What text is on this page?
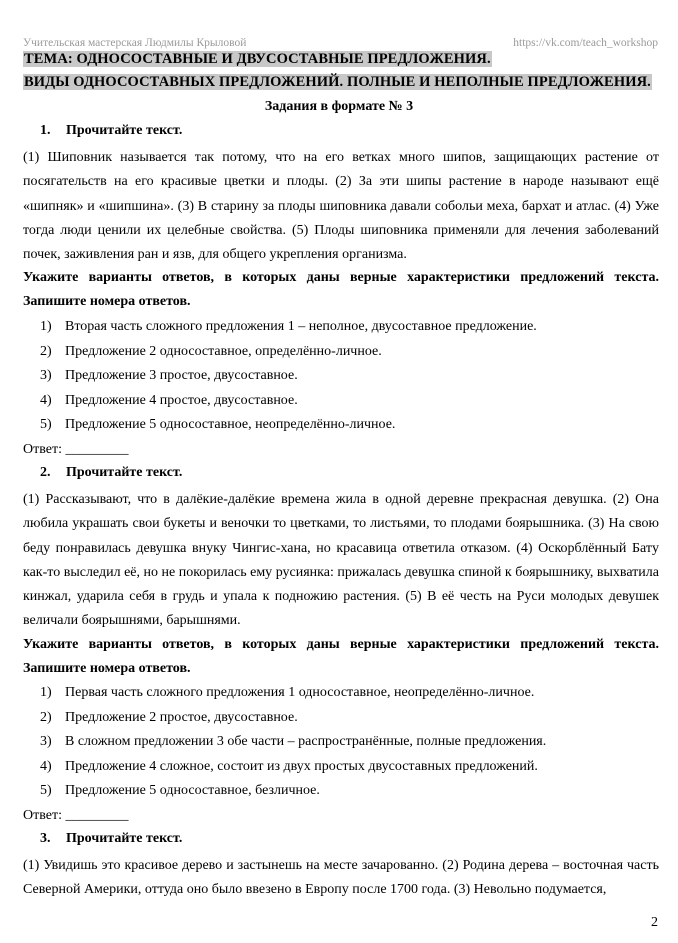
Учительская мастерская Людмилы Крыловой	https://vk.com/teach_workshop
ТЕМА: ОДНОСОСТАВНЫЕ И ДВУСОСТАВНЫЕ ПРЕДЛОЖЕНИЯ.
ВИДЫ ОДНОСОСТАВНЫХ ПРЕДЛОЖЕНИЙ. ПОЛНЫЕ И НЕПОЛНЫЕ ПРЕДЛОЖЕНИЯ.
Задания в формате № 3
1. Прочитайте текст.
(1) Шиповник называется так потому, что на его ветках много шипов, защищающих растение от посягательств на его красивые цветки и плоды. (2) За эти шипы растение в народе называют ещё «шипняк» и «шипшина». (3) В старину за плоды шиповника давали собольи меха, бархат и атлас. (4) Уже тогда люди ценили их целебные свойства. (5) Плоды шиповника применяли для лечения заболеваний почек, заживления ран и язв, для общего укрепления организма.
Укажите варианты ответов, в которых даны верные характеристики предложений текста. Запишите номера ответов.
1) Вторая часть сложного предложения 1 – неполное, двусоставное предложение.
2) Предложение 2 односоставное, определённо-личное.
3) Предложение 3 простое, двусоставное.
4) Предложение 4 простое, двусоставное.
5) Предложение 5 односоставное, неопределённо-личное.
Ответ: _________
2. Прочитайте текст.
(1) Рассказывают, что в далёкие-далёкие времена жила в одной деревне прекрасная девушка. (2) Она любила украшать свои букеты и веночки то цветками, то листьями, то плодами боярышника. (3) На свою беду понравилась девушка внуку Чингис-хана, но красавица ответила отказом. (4) Оскорблённый Батy как-то выследил её, но не покорилась ему русиянка: прижалась девушка спиной к боярышнику, выхватила кинжал, ударила себя в грудь и упала к подножию растения. (5) В её честь на Руси молодых девушек величали боярышнями, барышнями.
Укажите варианты ответов, в которых даны верные характеристики предложений текста. Запишите номера ответов.
1) Первая часть сложного предложения 1 односоставное, неопределённо-личное.
2) Предложение 2 простое, двусоставное.
3) В сложном предложении 3 обе части – распространённые, полные предложения.
4) Предложение 4 сложное, состоит из двух простых двусоставных предложений.
5) Предложение 5 односоставное, безличное.
Ответ: _________
3. Прочитайте текст.
(1) Увидишь это красивое дерево и застынешь на месте зачарованно. (2) Родина дерева – восточная часть Северной Америки, оттуда оно было ввезено в Европу после 1700 года. (3) Невольно подумается,
2
